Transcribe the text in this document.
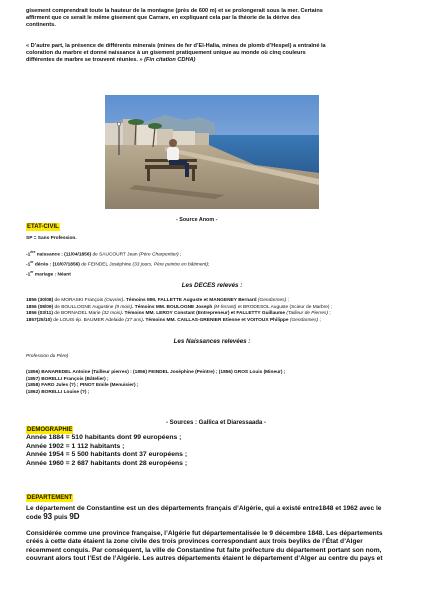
gisement comprendrait toute la hauteur de la montagne (près de 600 m) et se prolongerait sous la mer. Certains
affirment que ce serait le même gisement que Carrare, en expliquant cela par la théorie de la dérive des
continents.
« D’autre part, la présence de différents minerais (mines de fer d’El-Halia, mines de plomb d’Hespel) a entraîné la
coloration du marbre et donné naissance à un gisement pratiquement unique au monde où cinq couleurs
différentes de marbre se trouvent réunies. » (Fin citation CDHA)
ETAT-CIVIL
- Source Anom -
SP = Sans Profession.
-1ère naissance : (11/04/1856) de SAUCOURT Jean (Père Charpentier) ;
-1er décès : (10/07/1856) de FEINDEL Joséphine (33 jours, Père peintre en bâtiment);
-1er mariage : Néant
Les DECES relevés :
1856 (30/08) de MORASKI François (Ouvrier). Témoins MM. FALLETTE Auguste et MANGENEY Bernard (Gendarmes) ;
1856 (08/09) de BOULLOGNE Augustine (9 mois). Témoins MM. BOULOGNE Joseph (M-ferrant) et BRODESOL Auguste (Scieur de Marbre) ;
1856 (03/11) de BORNADEL Marie (32 mois). Témoins MM. LEROY Constant (Entrepreneur) et FALLETTY Guillaume (Tailleur de Pierres) ;
1857(25/10) de LOUIS ép. BAUMER Adelaide (37 ans). Témoins MM. CAILLAS-GRENIER Etienne et VOITOUX Philippe (Gendarmes) ;
Les Naissances relevées :
Profession du Père)
(1856) BANAREDEL Antoine (Tailleur pierres) : (1856) FEINDEL Joséphine (Peintre) ; (1856) GROS Louis (Mineur) ;
(1857) BORELLI François (Bâtelier) ;
(1858) FARO Jules (?) ; PINOT Emile (Menuisier) ;
(1862) BORELLI Louise (?) ;
DEMOGRAPHIE
- Sources : Gallica et Diaressaada -
Année 1884 = 510 habitants dont 99 européens ;
Année 1902 = 1 112 habitants ;
Année 1954 = 5 500 habitants dont 37 européens ;
Année 1960 = 2 687 habitants dont 28 européens ;
DEPARTEMENT
Le département de Constantine est un des départements français d’Algérie, qui a existé entre1848 et 1962 avec le
code 93 puis 9D
Considérée comme une province française, l’Algérie fut départementalisée le 9 décembre 1848. Les départements
créés à cette date étaient la zone civile des trois provinces correspondant aux trois beyliks de l’État d’Alger
récemment conquis. Par conséquent, la ville de Constantine fut faite préfecture du département portant son nom,
couvrant alors tout l’Est de l’Algérie. Les autres départements étaient le département d’Alger au centre du pays et
